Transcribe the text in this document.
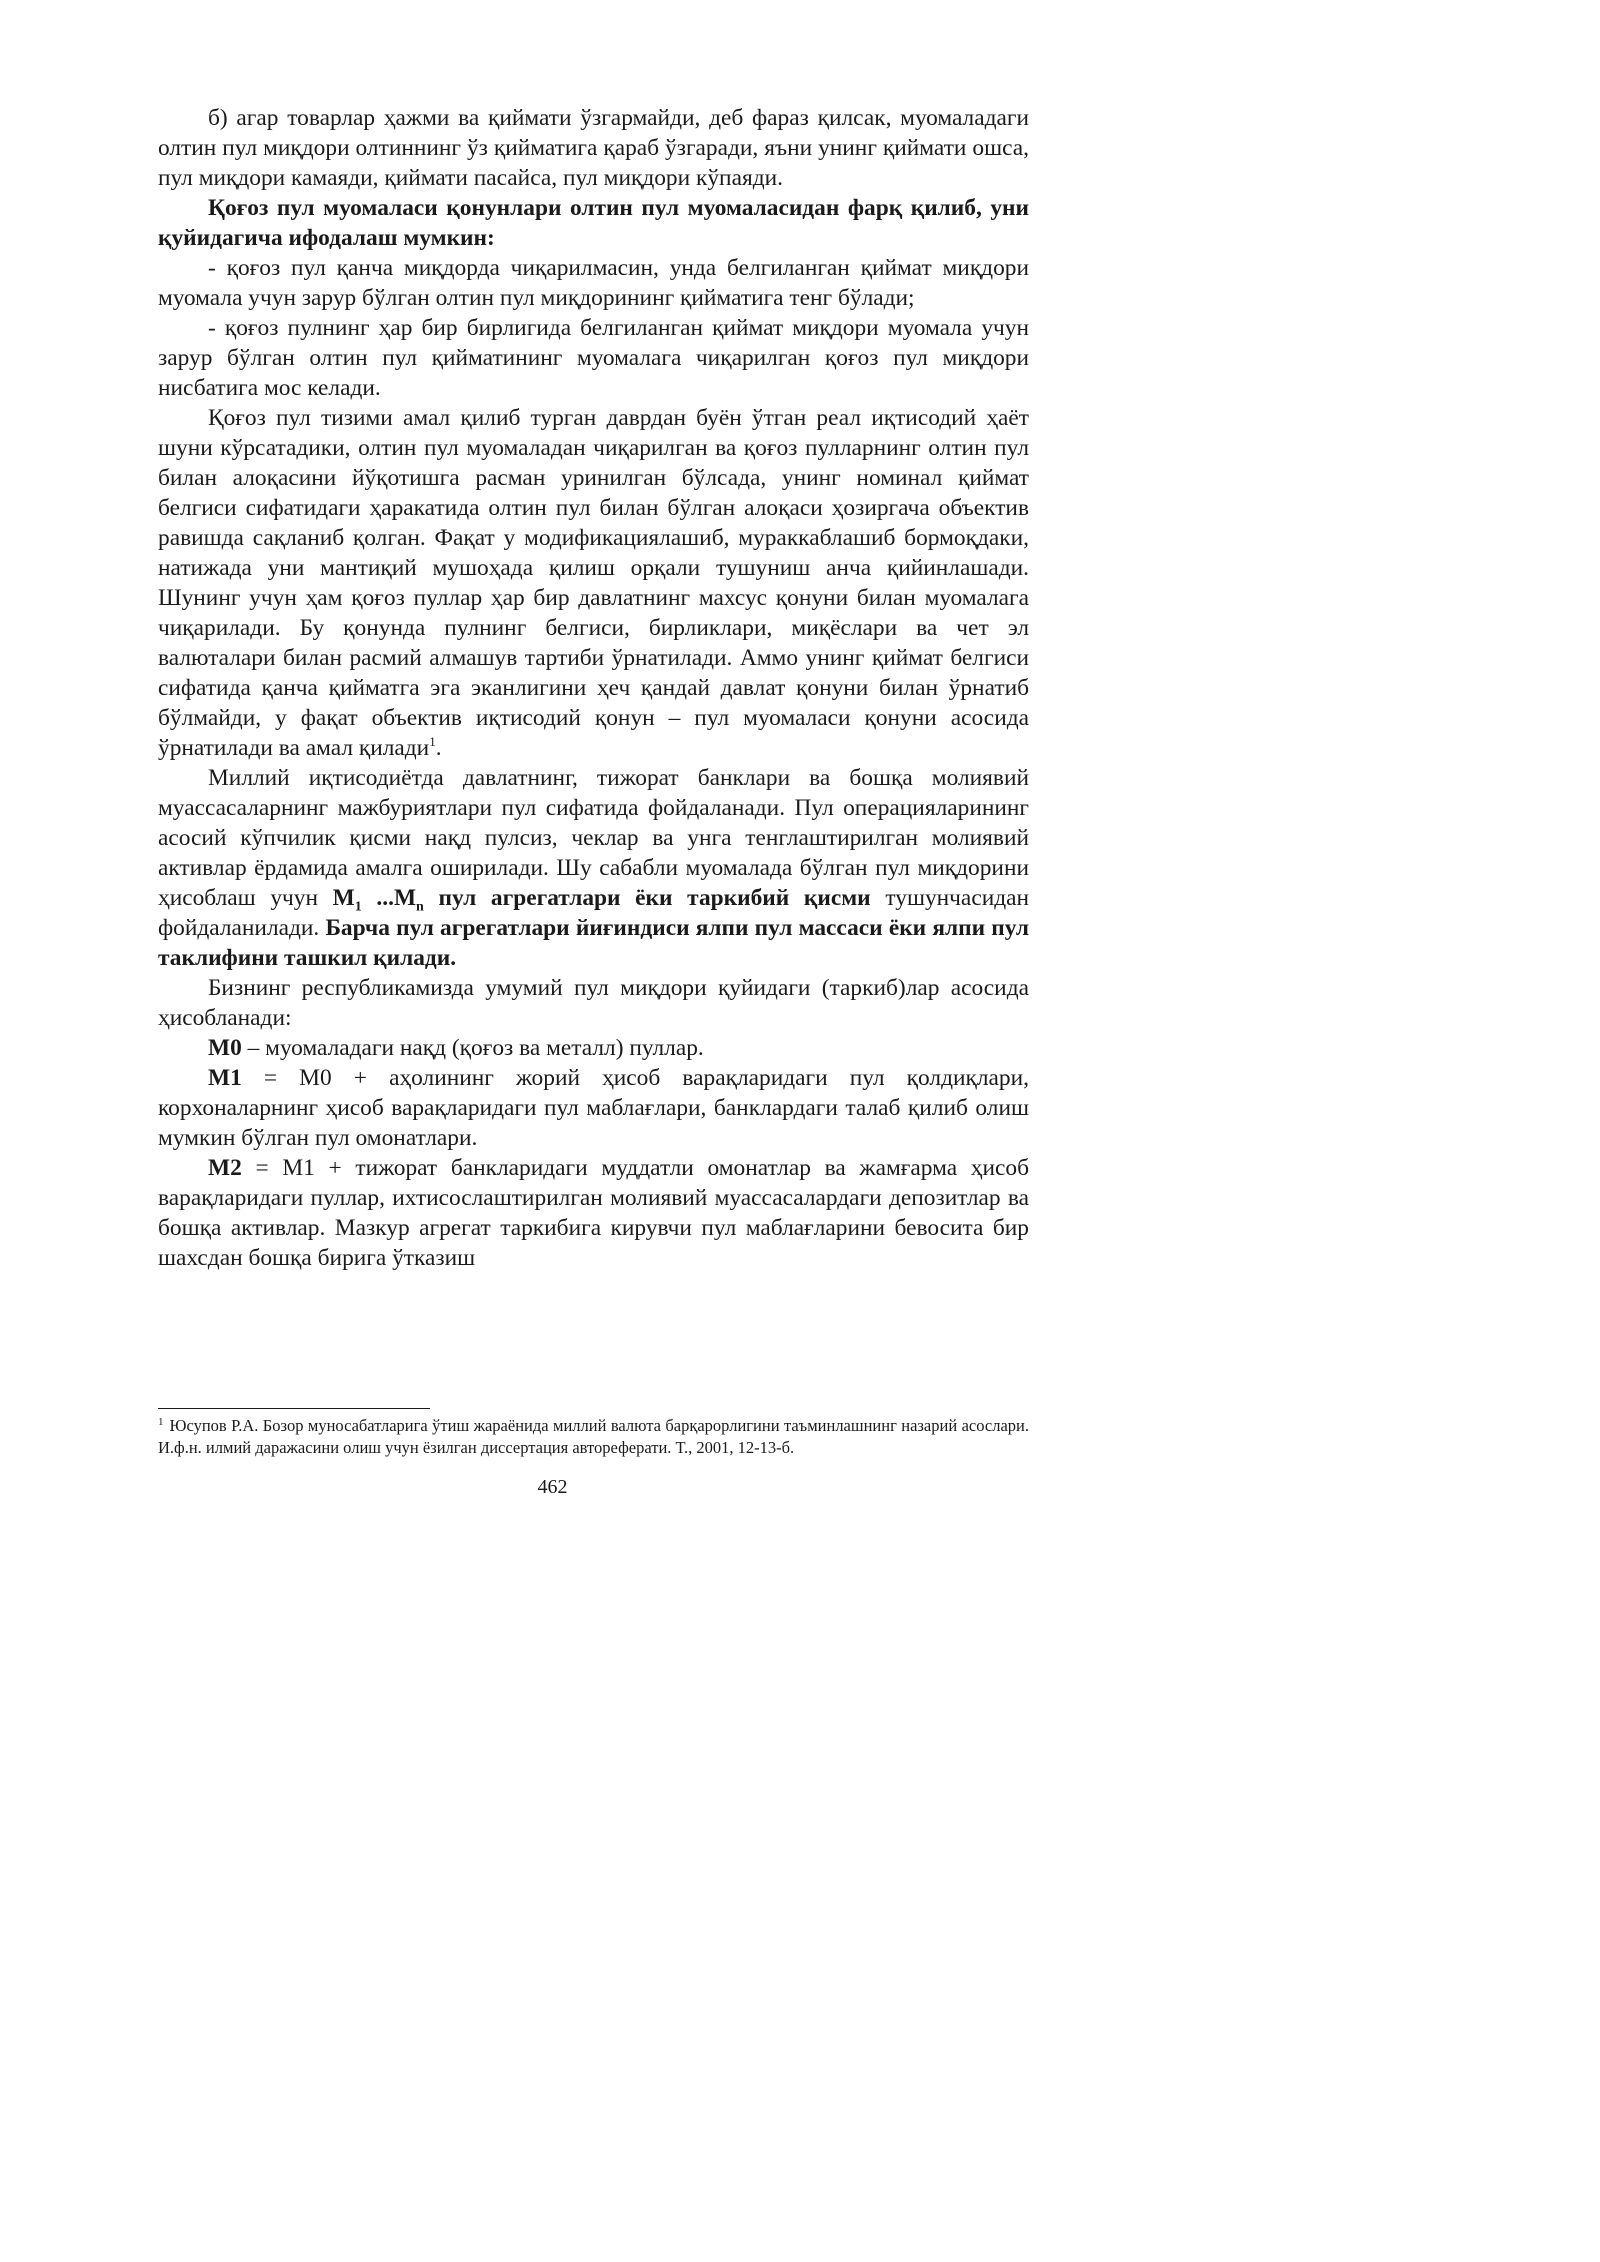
б) агар товарлар ҳажми ва қиймати ўзгармайди, деб фараз қилсак, муомаладаги олтин пул миқдори олтиннинг ўз қийматига қараб ўзгаради, яъни унинг қиймати ошса, пул миқдори камаяди, қиймати пасайса, пул миқдори кўпаяди.

Қоғоз пул муомаласи қонунлари олтин пул муомаласидан фарқ қилиб, уни қуйидагича ифодалаш мумкин:

- қоғоз пул қанча миқдорда чиқарилмасин, унда белгиланган қиймат миқдори муомала учун зарур бўлган олтин пул миқдорининг қийматига тенг бўлади;

- қоғоз пулнинг ҳар бир бирлигида белгиланган қиймат миқдори муомала учун зарур бўлган олтин пул қийматининг муомалага чиқарилган қоғоз пул миқдори нисбатига мос келади.

Қоғоз пул тизими амал қилиб турган даврдан буён ўтган реал иқтисодий ҳаёт шуни кўрсатадики, олтин пул муомаладан чиқарилган ва қоғоз пулларнинг олтин пул билан алоқасини йўқотишга расман уринилган бўлсада, унинг номинал қиймат белгиси сифатидаги ҳаракатида олтин пул билан бўлган алоқаси ҳозиргача объектив равишда сақланиб қолган. Фақат у модификациялашиб, мураккаблашиб бормоқдаки, натижада уни мантиқий мушоҳада қилиш орқали тушуниш анча қийинлашади. Шунинг учун ҳам қоғоз пуллар ҳар бир давлатнинг махсус қонуни билан муомалага чиқарилади. Бу қонунда пулнинг белгиси, бирликлари, миқёслари ва чет эл валюталари билан расмий алмашув тартиби ўрнатилади. Аммо унинг қиймат белгиси сифатида қанча қийматга эга эканлигини ҳеч қандай давлат қонуни билан ўрнатиб бўлмайди, у фақат объектив иқтисодий қонун – пул муомаласи қонуни асосида ўрнатилади ва амал қилади$^1$.

Миллий иқтисодиётда давлатнинг, тижорат банклари ва бошқа молиявий муассасаларнинг мажбуриятлари пул сифатида фойдаланади. Пул операцияларининг асосий кўпчилик қисми нақд пулсиз, чеклар ва унга тенглаштирилган молиявий активлар ёрдамида амалга оширилади. Шу сабабли муомалада бўлган пул миқдорини ҳисоблаш учун $М_1$ $...М_n$ пул агрегатлари ёки таркибий қисми тушунчасидан фойдаланилади. Барча пул агрегатлари йиғиндиси ялпи пул массаси ёки ялпи пул таклифини ташкил қилади.

Бизнинг республикамизда умумий пул миқдори қуйидаги (таркиб)лар асосида ҳисобланади:

М0 – муомаладаги нақд (қоғоз ва металл) пуллар.

М1 = М0 + аҳолининг жорий ҳисоб варақларидаги пул қолдиқлари, корхоналарнинг ҳисоб варақларидаги пул маблағлари, банклардаги талаб қилиб олиш мумкин бўлган пул омонатлари.

М2 = М1 + тижорат банкларидаги муддатли омонатлар ва жамғарма ҳисоб варақларидаги пуллар, ихтисослаштирилган молиявий муассасалардаги депозитлар ва бошқа активлар. Мазкур агрегат таркибига кирувчи пул маблағларини бевосита бир шахсдан бошқа бирига ўтказиш

$^1$ Юсупов Р.А. Бозор муносабатларига ўтиш жараёнида миллий валюта барқарорлигини таъминлашнинг назарий асослари. И.ф.н. илмий даражасини олиш учун ёзилган диссертация автореферати. Т., 2001, 12-13-б.
462
